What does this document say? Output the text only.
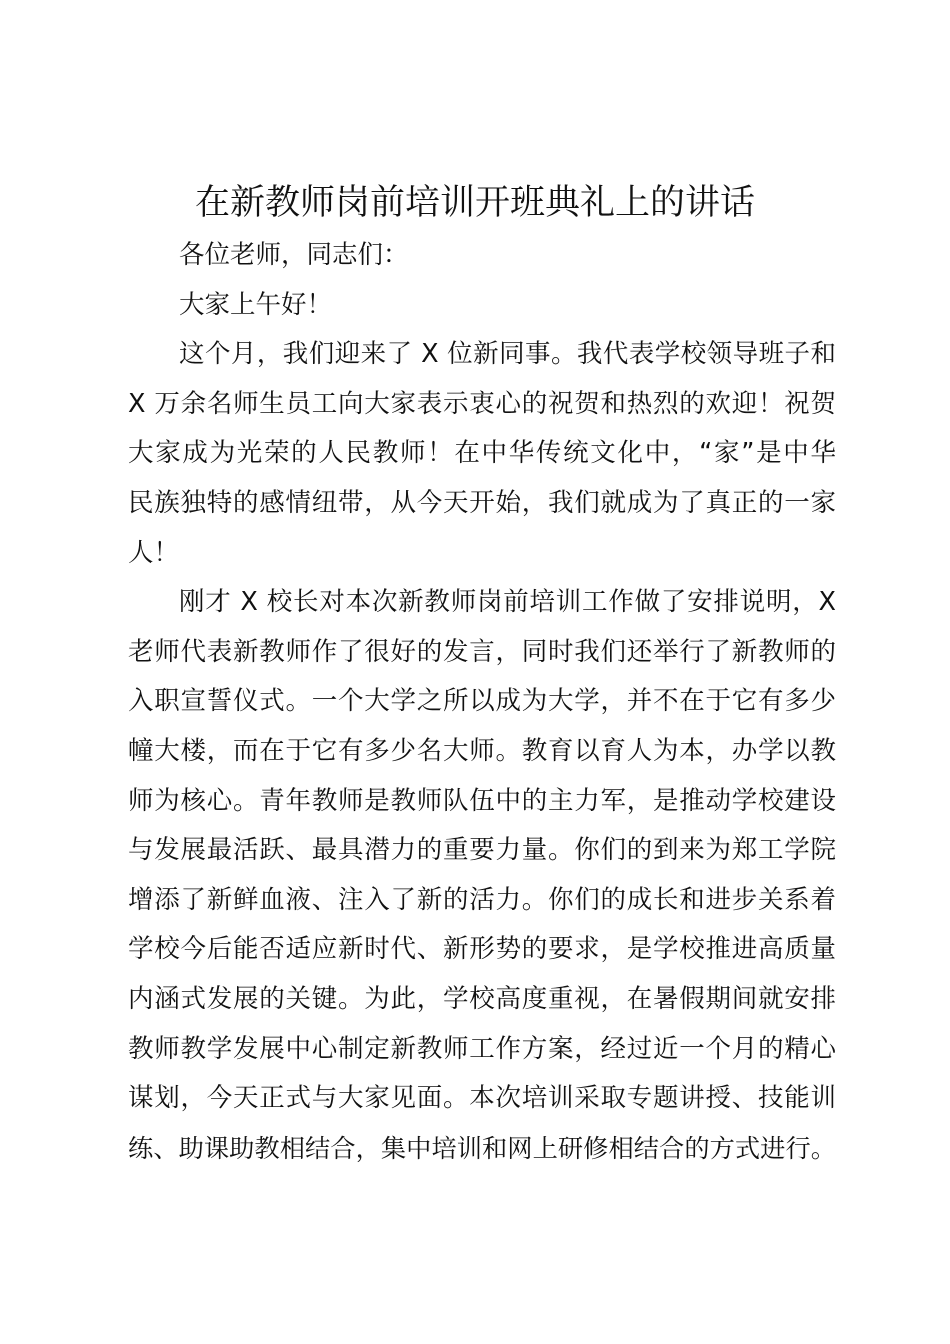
在新教师岗前培训开班典礼上的讲话
各位老师，同志们：
大家上午好！
这个月，我们迎来了 X 位新同事。我代表学校领导班子和
X 万余名师生员工向大家表示衷心的祝贺和热烈的欢迎！祝贺
大家成为光荣的人民教师！在中华传统文化中，“家”是中华
民族独特的感情纽带，从今天开始，我们就成为了真正的一家
人！
刚才 X 校长对本次新教师岗前培训工作做了安排说明，X
老师代表新教师作了很好的发言，同时我们还举行了新教师的
入职宣誓仪式。一个大学之所以成为大学，并不在于它有多少
幢大楼，而在于它有多少名大师。教育以育人为本，办学以教
师为核心。青年教师是教师队伍中的主力军，是推动学校建设
与发展最活跃、最具潜力的重要力量。你们的到来为郑工学院
增添了新鲜血液、注入了新的活力。你们的成长和进步关系着
学校今后能否适应新时代、新形势的要求，是学校推进高质量
内涵式发展的关键。为此，学校高度重视，在暑假期间就安排
教师教学发展中心制定新教师工作方案，经过近一个月的精心
谋划，今天正式与大家见面。本次培训采取专题讲授、技能训
练、助课助教相结合，集中培训和网上研修相结合的方式进行。
